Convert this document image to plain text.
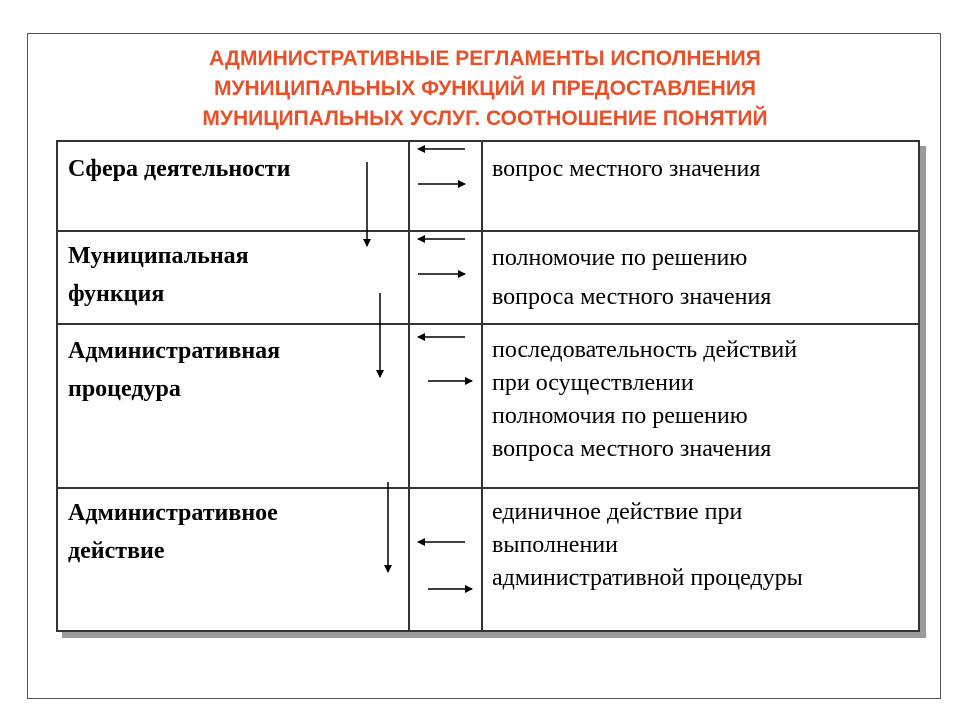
АДМИНИСТРАТИВНЫЕ РЕГЛАМЕНТЫ ИСПОЛНЕНИЯ
МУНИЦИПАЛЬНЫХ ФУНКЦИЙ И ПРЕДОСТАВЛЕНИЯ
МУНИЦИПАЛЬНЫХ УСЛУГ. СООТНОШЕНИЕ ПОНЯТИЙ
Сфера деятельности	вопрос местного значения
Муниципальная
функция
полномочие по решению
вопроса местного значения
Административная
процедура
последовательность действий
при осуществлении
полномочия по решению
вопроса местного значения
Административное
действие
единичное действие при
выполнении
административной процедуры
